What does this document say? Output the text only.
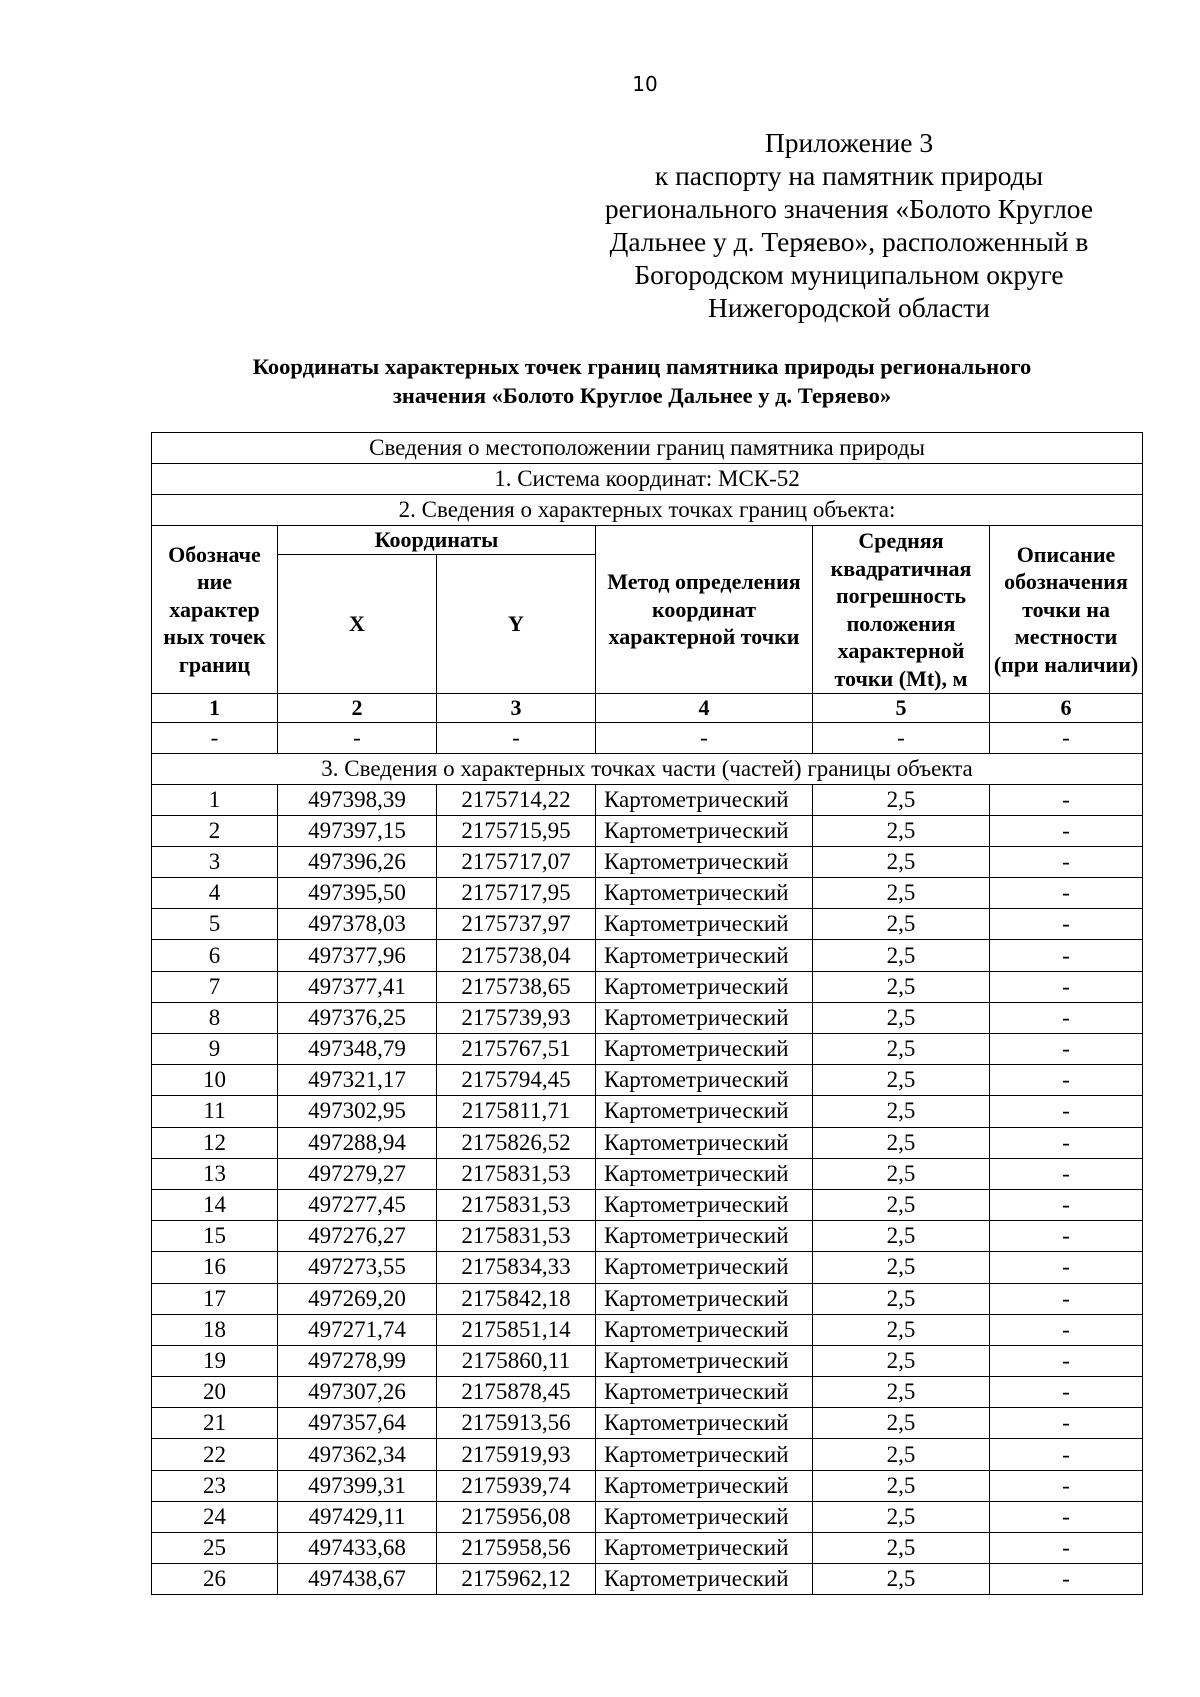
10
Приложение 3
к паспорту на памятник природы
регионального значения «Болото Круглое
Дальнее у д. Теряево», расположенный в
Богородском муниципальном округе
Нижегородской области
Координаты характерных точек границ памятника природы регионального
значения «Болото Круглое Дальнее у д. Теряево»
Сведения о местоположении границ памятника природы					
1. Система координат: МСК-52					
2. Сведения о характерных точках границ объекта:					
Обозначе ние характер ных точек границ	Координаты		Метод определения координат характерной точки	Средняя квадратичная погрешность положения характерной точки (Mt), м	Описание обозначения точки на местности (при наличии)
	X	Y			
1	2	3	4	5	6
-	-	-	-	-	-
3. Сведения о характерных точках части (частей) границы объекта					
1	497398,39	2175714,22	Картометрический	2,5	-
2	497397,15	2175715,95	Картометрический	2,5	-
3	497396,26	2175717,07	Картометрический	2,5	-
4	497395,50	2175717,95	Картометрический	2,5	-
5	497378,03	2175737,97	Картометрический	2,5	-
6	497377,96	2175738,04	Картометрический	2,5	-
7	497377,41	2175738,65	Картометрический	2,5	-
8	497376,25	2175739,93	Картометрический	2,5	-
9	497348,79	2175767,51	Картометрический	2,5	-
10	497321,17	2175794,45	Картометрический	2,5	-
11	497302,95	2175811,71	Картометрический	2,5	-
12	497288,94	2175826,52	Картометрический	2,5	-
13	497279,27	2175831,53	Картометрический	2,5	-
14	497277,45	2175831,53	Картометрический	2,5	-
15	497276,27	2175831,53	Картометрический	2,5	-
16	497273,55	2175834,33	Картометрический	2,5	-
17	497269,20	2175842,18	Картометрический	2,5	-
18	497271,74	2175851,14	Картометрический	2,5	-
19	497278,99	2175860,11	Картометрический	2,5	-
20	497307,26	2175878,45	Картометрический	2,5	-
21	497357,64	2175913,56	Картометрический	2,5	-
22	497362,34	2175919,93	Картометрический	2,5	-
23	497399,31	2175939,74	Картометрический	2,5	-
24	497429,11	2175956,08	Картометрический	2,5	-
25	497433,68	2175958,56	Картометрический	2,5	-
26	497438,67	2175962,12	Картометрический	2,5	-
